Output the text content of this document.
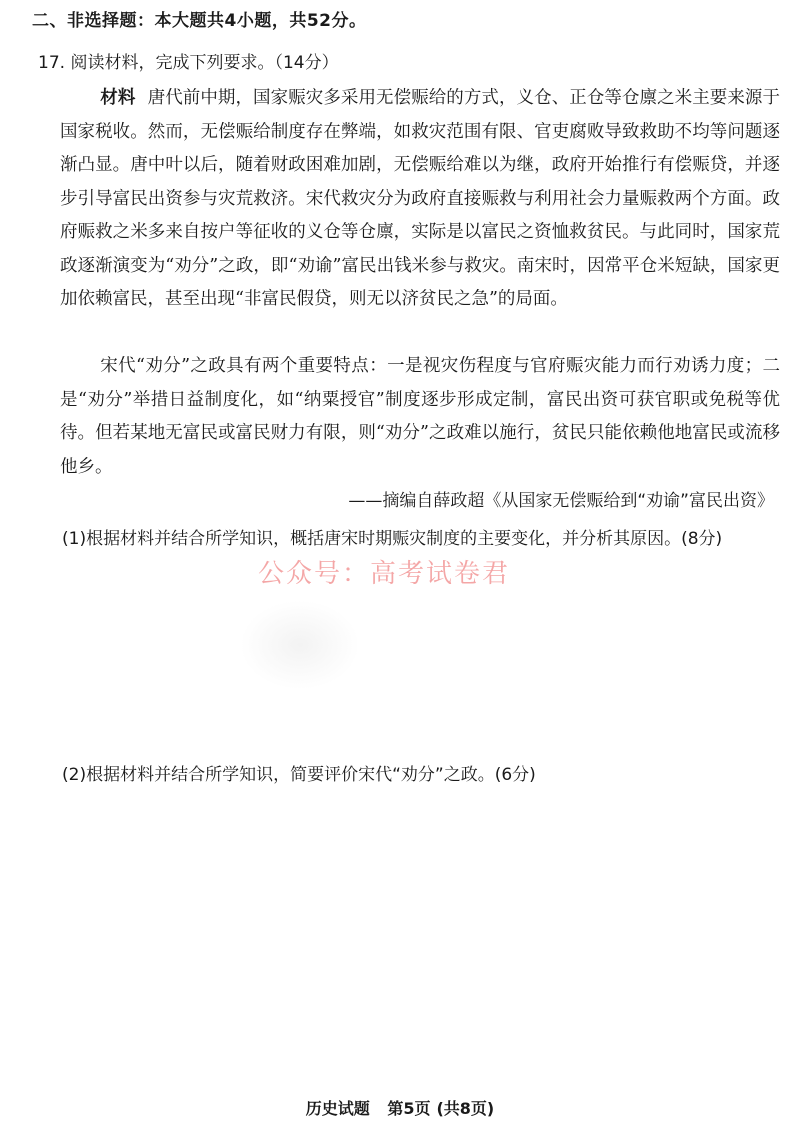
二、非选择题：本大题共4小题，共52分。
17. 阅读材料，完成下列要求。（14分）

材料 唐代前中期，国家赈灾多采用无偿赈给的方式，义仓、正仓等仓廪之米主要来源于国家税收。然而，无偿赈给制度存在弊端，如救灾范围有限、官吏腐败导致救助不均等问题逐渐凸显。唐中叶以后，随着财政困难加剧，无偿赈给难以为继，政府开始推行有偿赈贷，并逐步引导富民出资参与灾荒救济。宋代救灾分为政府直接赈救与利用社会力量赈救两个方面。政府赈救之米多来自按户等征收的义仓等仓廪，实际是以富民之资恤救贫民。与此同时，国家荒政逐渐演变为“劝分”之政，即“劝谕”富民出钱米参与救灾。南宋时，因常平仓米短缺，国家更加依赖富民，甚至出现“非富民假贷，则无以济贫民之急”的局面。

宋代“劝分”之政具有两个重要特点：一是视灾伤程度与官府赈灾能力而行劝诱力度；二是“劝分”举措日益制度化，如“纳粟授官”制度逐步形成定制，富民出资可获官职或免税等优待。但若某地无富民或富民财力有限，则“劝分”之政难以施行，贫民只能依赖他地富民或流移他乡。

——摘编自薛政超《从国家无偿赈给到“劝谕”富民出资》
(1)根据材料并结合所学知识，概括唐宋时期赈灾制度的主要变化，并分析其原因。(8分)
公众号：高考试卷君
(2)根据材料并结合所学知识，简要评价宋代“劝分”之政。(6分)
历史试题 第5页 (共8页)
